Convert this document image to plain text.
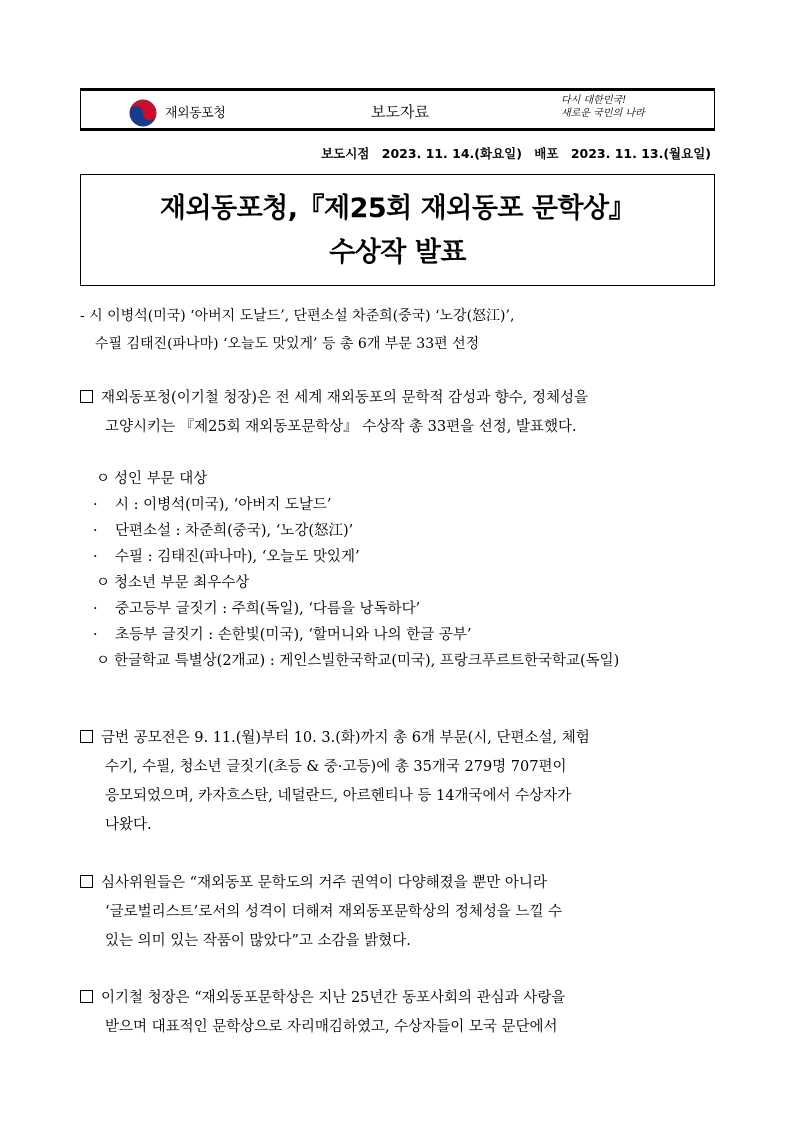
재외동포청	보도자료
다시 대한민국!
새로운 국민의 나라
보도시점 2023. 11. 14.(화요일) 배포 2023. 11. 13.(월요일)
재외동포청,『제25회 재외동포 문학상』
수상작 발표
- 시 이병석(미국) ‘아버지 도날드’, 단편소설 차준희(중국) ‘노강(怒江)’,
수필 김태진(파나마) ‘오늘도 맛있게’ 등 총 6개 부문 33편 선정
재외동포청(이기철 청장)은 전 세계 재외동포의 문학적 감성과 향수, 정체성을
고양시키는 『제25회 재외동포문학상』 수상작 총 33편을 선정, 발표했다.
ㅇ 성인 부문 대상
· 시 : 이병석(미국), ‘아버지 도날드’
· 단편소설 : 차준희(중국), ‘노강(怒江)’
· 수필 : 김태진(파나마), ‘오늘도 맛있게’
ㅇ 청소년 부문 최우수상
· 중고등부 글짓기 : 주희(독일), ‘다름을 낭독하다’
· 초등부 글짓기 : 손한빛(미국), ‘할머니와 나의 한글 공부’
ㅇ 한글학교 특별상(2개교) : 게인스빌한국학교(미국), 프랑크푸르트한국학교(독일)
금번 공모전은 9. 11.(월)부터 10. 3.(화)까지 총 6개 부문(시, 단편소설, 체험
수기, 수필, 청소년 글짓기(초등 & 중·고등)에 총 35개국 279명 707편이
응모되었으며, 카자흐스탄, 네덜란드, 아르헨티나 등 14개국에서 수상자가
나왔다.
심사위원들은 “재외동포 문학도의 거주 권역이 다양해졌을 뿐만 아니라
‘글로벌리스트’로서의 성격이 더해져 재외동포문학상의 정체성을 느낄 수
있는 의미 있는 작품이 많았다”고 소감을 밝혔다.
이기철 청장은 “재외동포문학상은 지난 25년간 동포사회의 관심과 사랑을
받으며 대표적인 문학상으로 자리매김하였고, 수상자들이 모국 문단에서
